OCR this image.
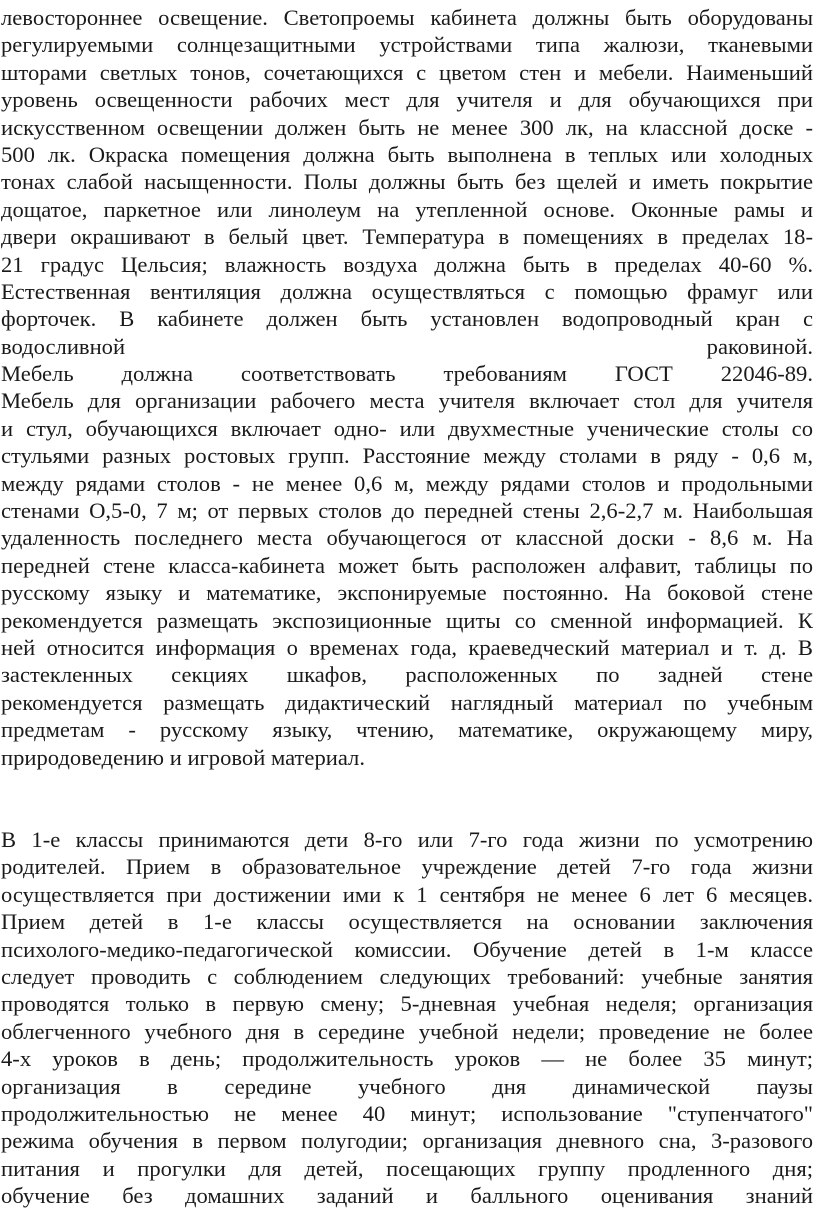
левостороннее освещение. Светопроемы кабинета должны быть оборудованы
регулируемыми солнцезащитными устройствами типа жалюзи, тканевыми
шторами светлых тонов, сочетающихся с цветом стен и мебели. Наименьший
уровень освещенности рабочих мест для учителя и для обучающихся при
искусственном освещении должен быть не менее 300 лк, на классной доске -
500 лк. Окраска помещения должна быть выполнена в теплых или холодных
тонах слабой насыщенности. Полы должны быть без щелей и иметь покрытие
дощатое, паркетное или линолеум на утепленной основе. Оконные рамы и
двери окрашивают в белый цвет. Температура в помещениях в пределах 18-
21 градус Цельсия; влажность воздуха должна быть в пределах 40-60 %.
Естественная вентиляция должна осуществляться с помощью фрамуг или
форточек. В кабинете должен быть установлен водопроводный кран с
водосливной раковиной.
Мебель должна соответствовать требованиям ГОСТ 22046-89.
Мебель для организации рабочего места учителя включает стол для учителя
и стул, обучающихся включает одно- или двухместные ученические столы со
стульями разных ростовых групп. Расстояние между столами в ряду - 0,6 м,
между рядами столов - не менее 0,6 м, между рядами столов и продольными
стенами О,5-0, 7 м; от первых столов до передней стены 2,6-2,7 м. Наибольшая
удаленность последнего места обучающегося от классной доски - 8,6 м. На
передней стене класса-кабинета может быть расположен алфавит, таблицы по
русскому языку и математике, экспонируемые постоянно. На боковой стене
рекомендуется размещать экспозиционные щиты со сменной информацией. К
ней относится информация о временах года, краеведческий материал и т. д. В
застекленных секциях шкафов, расположенных по задней стене
рекомендуется размещать дидактический наглядный материал по учебным
предметам - русскому языку, чтению, математике, окружающему миру,
природоведению и игровой материал.
В 1-е классы принимаются дети 8-го или 7-го года жизни по усмотрению
родителей. Прием в образовательное учреждение детей 7-го года жизни
осуществляется при достижении ими к 1 сентября не менее 6 лет 6 месяцев.
Прием детей в 1-е классы осуществляется на основании заключения
психолого-медико-педагогической комиссии. Обучение детей в 1-м классе
следует проводить с соблюдением следующих требований: учебные занятия
проводятся только в первую смену; 5-дневная учебная неделя; организация
облегченного учебного дня в середине учебной недели; проведение не более
4-х уроков в день; продолжительность уроков — не более 35 минут;
организация в середине учебного дня динамической паузы
продолжительностью не менее 40 минут; использование "ступенчатого"
режима обучения в первом полугодии; организация дневного сна, 3-разового
питания и прогулки для детей, посещающих группу продленного дня;
обучение без домашних заданий и балльного оценивания знаний
